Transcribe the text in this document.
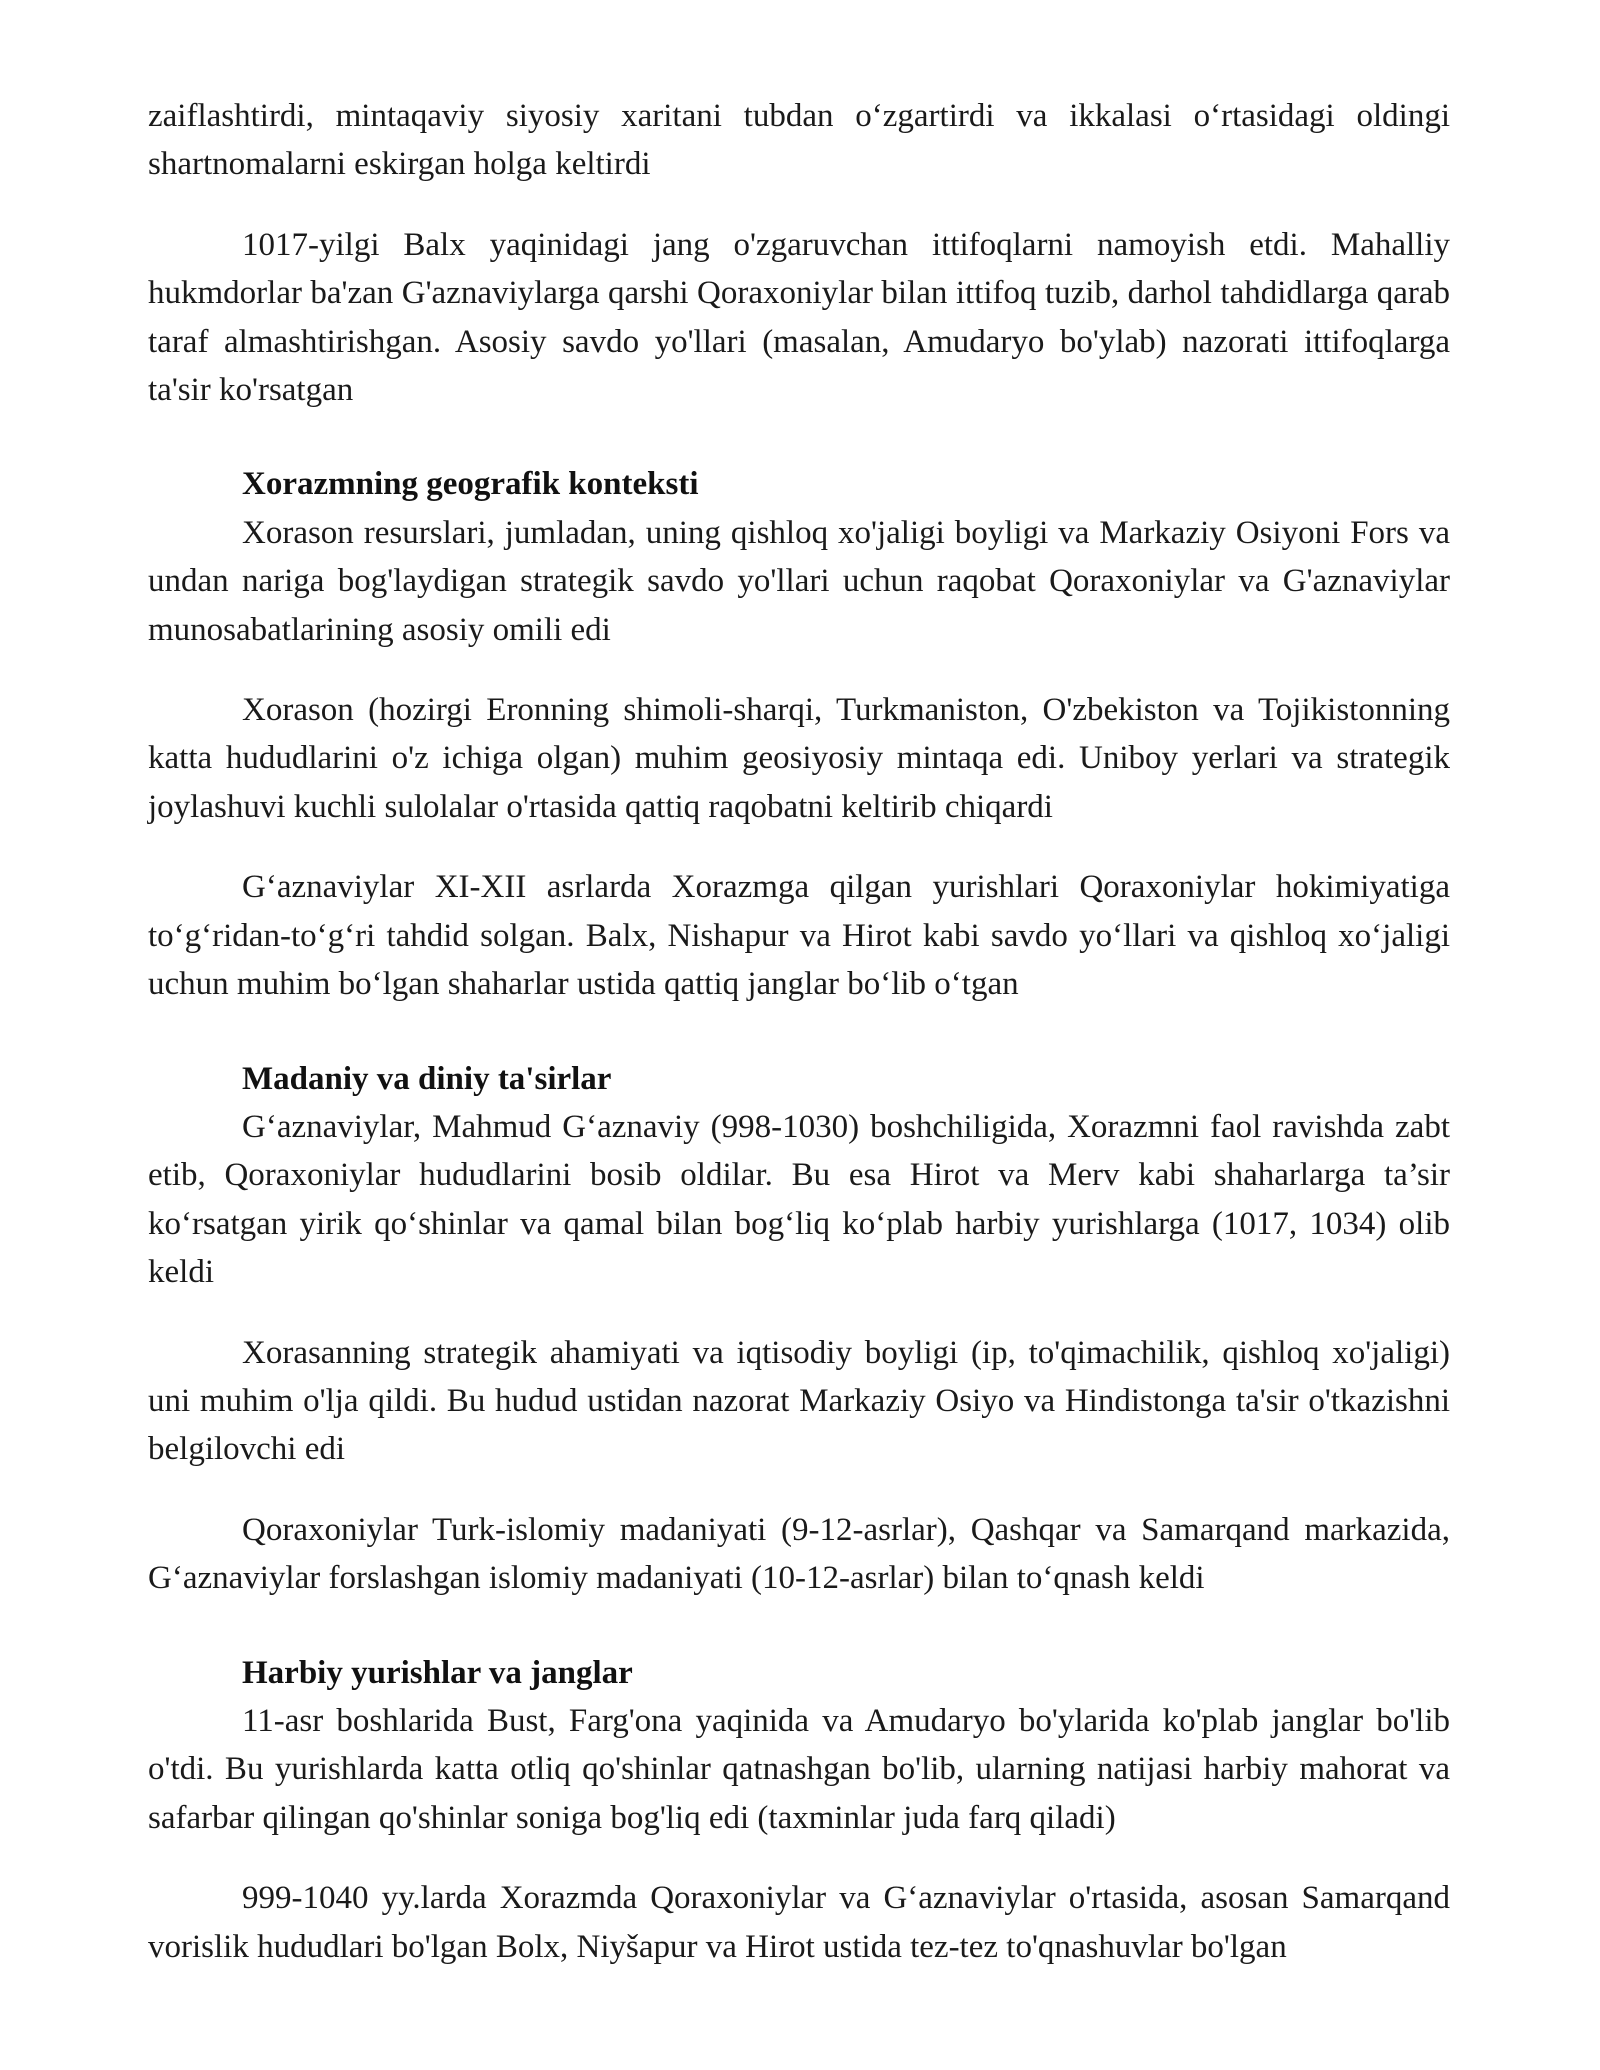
zaiflashtirdi, mintaqaviy siyosiy xaritani tubdan o‘zgartirdi va ikkalasi o‘rtasidagi oldingi shartnomalarni eskirgan holga keltirdi

1017-yilgi Balx yaqinidagi jang o'zgaruvchan ittifoqlarni namoyish etdi. Mahalliy hukmdorlar ba'zan G'aznaviylarga qarshi Qoraxoniylar bilan ittifoq tuzib, darhol tahdidlarga qarab taraf almashtirishgan. Asosiy savdo yo'llari (masalan, Amudaryo bo'ylab) nazorati ittifoqlarga ta'sir ko'rsatgan

Xorazmning geografik konteksti

Xorason resurslari, jumladan, uning qishloq xo'jaligi boyligi va Markaziy Osiyoni Fors va undan nariga bog'laydigan strategik savdo yo'llari uchun raqobat Qoraxoniylar va G'aznaviylar munosabatlarining asosiy omili edi

Xorason (hozirgi Eronning shimoli-sharqi, Turkmaniston, O'zbekiston va Tojikistonning katta hududlarini o'z ichiga olgan) muhim geosiyosiy mintaqa edi. Uniboy yerlari va strategik joylashuvi kuchli sulolalar o'rtasida qattiq raqobatni keltirib chiqardi

G‘aznaviylar XI-XII asrlarda Xorazmga qilgan yurishlari Qoraxoniylar hokimiyatiga to‘g‘ridan-to‘g‘ri tahdid solgan. Balx, Nishapur va Hirot kabi savdo yo‘llari va qishloq xo‘jaligi uchun muhim bo‘lgan shaharlar ustida qattiq janglar bo‘lib o‘tgan

Madaniy va diniy ta'sirlar

G‘aznaviylar, Mahmud G‘aznaviy (998-1030) boshchiligida, Xorazmni faol ravishda zabt etib, Qoraxoniylar hududlarini bosib oldilar. Bu esa Hirot va Merv kabi shaharlarga ta’sir ko‘rsatgan yirik qo‘shinlar va qamal bilan bog‘liq ko‘plab harbiy yurishlarga (1017, 1034) olib keldi

Xorasanning strategik ahamiyati va iqtisodiy boyligi (ip, to'qimachilik, qishloq xo'jaligi) uni muhim o'lja qildi. Bu hudud ustidan nazorat Markaziy Osiyo va Hindistonga ta'sir o'tkazishni belgilovchi edi

Qoraxoniylar Turk-islomiy madaniyati (9-12-asrlar), Qashqar va Samarqand markazida, G‘aznaviylar forslashgan islomiy madaniyati (10-12-asrlar) bilan to‘qnash keldi

Harbiy yurishlar va janglar

11-asr boshlarida Bust, Farg'ona yaqinida va Amudaryo bo'ylarida ko'plab janglar bo'lib o'tdi. Bu yurishlarda katta otliq qo'shinlar qatnashgan bo'lib, ularning natijasi harbiy mahorat va safarbar qilingan qo'shinlar soniga bog'liq edi (taxminlar juda farq qiladi)

999-1040 yy.larda Xorazmda Qoraxoniylar va G‘aznaviylar o'rtasida, asosan Samarqand vorislik hududlari bo'lgan Bolx, Niyšapur va Hirot ustida tez-tez to'qnashuvlar bo'lgan
